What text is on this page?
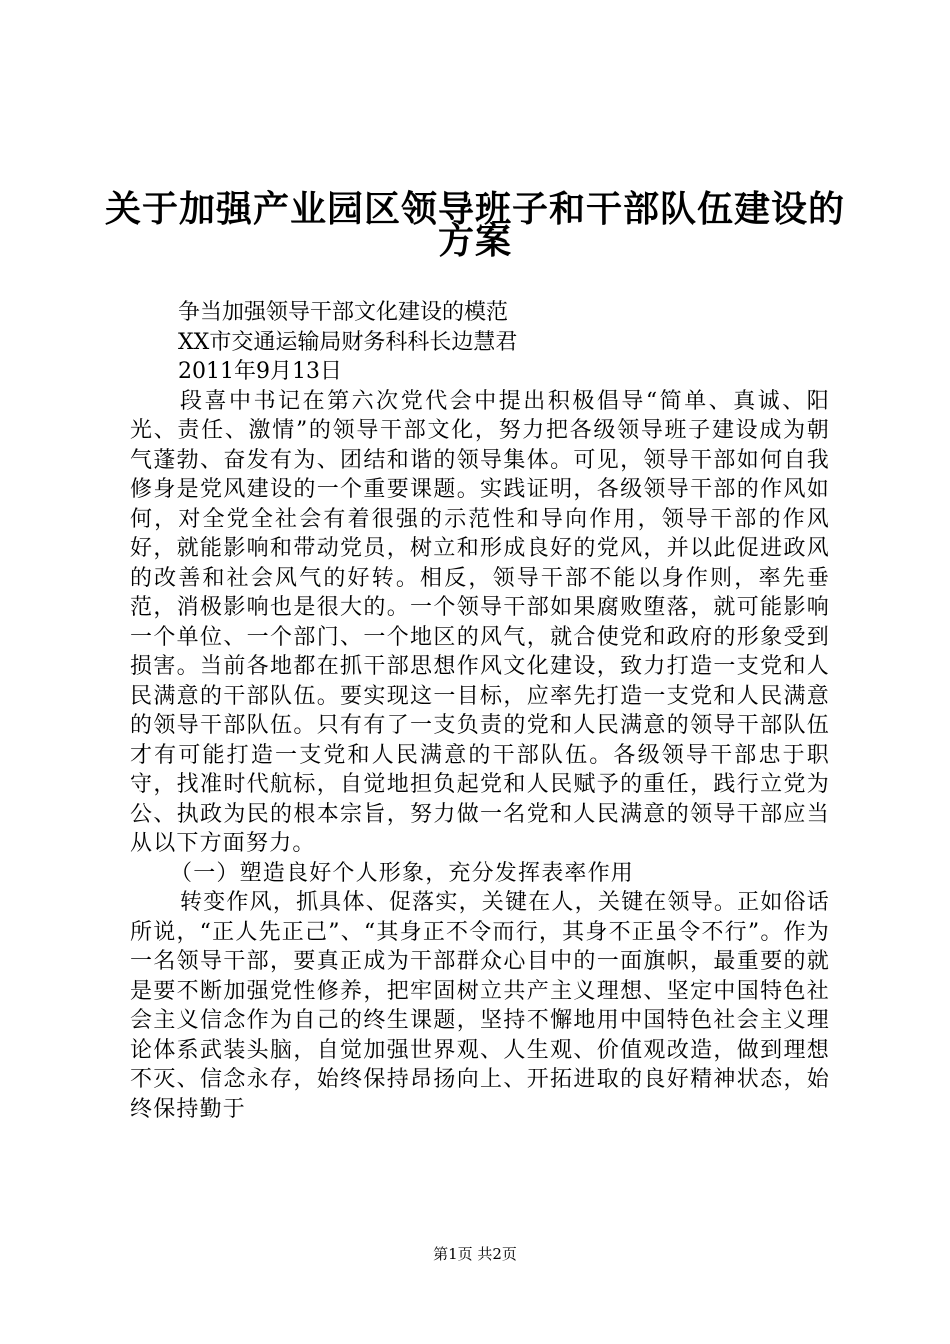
关于加强产业园区领导班子和干部队伍建设的
方案

争当加强领导干部文化建设的模范

XX市交通运输局财务科科长边慧君

2011年9月13日

段喜中书记在第六次党代会中提出积极倡导“简单、真诚、阳光、责任、激情”的领导干部文化，努力把各级领导班子建设成为朝气蓬勃、奋发有为、团结和谐的领导集体。可见，领导干部如何自我修身是党风建设的一个重要课题。实践证明，各级领导干部的作风如何，对全党全社会有着很强的示范性和导向作用，领导干部的作风好，就能影响和带动党员，树立和形成良好的党风，并以此促进政风的改善和社会风气的好转。相反，领导干部不能以身作则，率先垂范，消极影响也是很大的。一个领导干部如果腐败堕落，就可能影响一个单位、一个部门、一个地区的风气，就合使党和政府的形象受到损害。当前各地都在抓干部思想作风文化建设，致力打造一支党和人民满意的干部队伍。要实现这一目标，应率先打造一支党和人民满意的领导干部队伍。只有有了一支负责的党和人民满意的领导干部队伍才有可能打造一支党和人民满意的干部队伍。各级领导干部忠于职守，找准时代航标，自觉地担负起党和人民赋予的重任，践行立党为公、执政为民的根本宗旨，努力做一名党和人民满意的领导干部应当从以下方面努力。

（一）塑造良好个人形象，充分发挥表率作用

转变作风，抓具体、促落实，关键在人，关键在领导。正如俗话所说，“正人先正己”、“其身正不令而行，其身不正虽令不行”。作为一名领导干部，要真正成为干部群众心目中的一面旗帜，最重要的就是要不断加强党性修养，把牢固树立共产主义理想、坚定中国特色社会主义信念作为自己的终生课题，坚持不懈地用中国特色社会主义理论体系武装头脑，自觉加强世界观、人生观、价值观改造，做到理想不灭、信念永存，始终保持昂扬向上、开拓进取的良好精神状态，始终保持勤于

第1页 共2页
